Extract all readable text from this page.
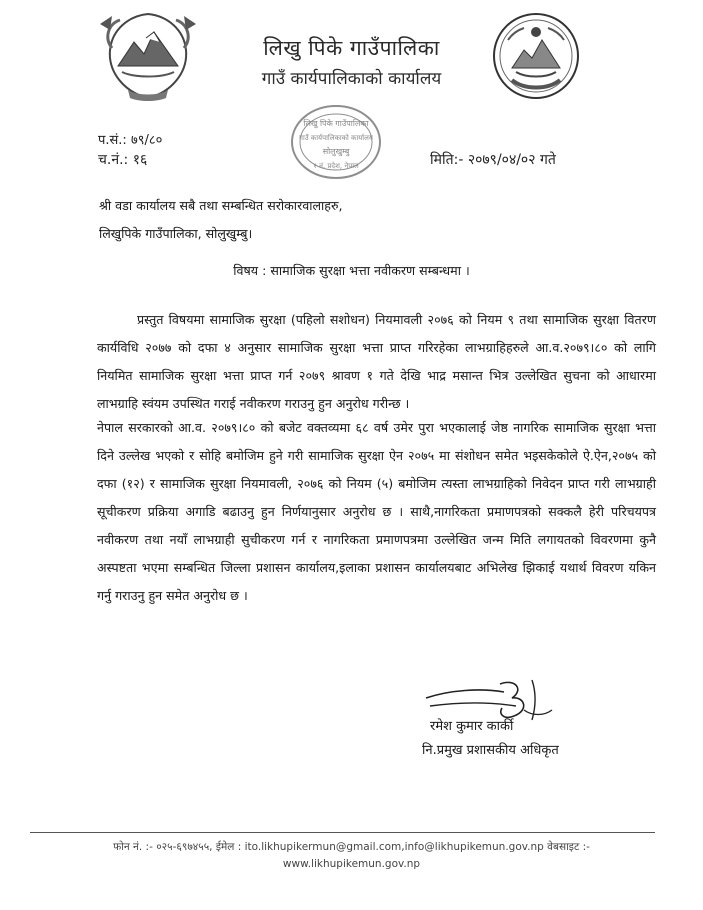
लिखु पिके गाउँपालिका
गाउँ कार्यपालिकाको कार्यालय
लिखु पिके गाउँपालिका
गाउँ कार्यपालिकाको कार्यालय
सोलुखुम्बु
१ नं. प्रदेश, नेपाल
प.सं.: ७९/८०
च.नं.: १६	मिति:- २०७९/०४/०२ गते
श्री वडा कार्यालय सबै तथा सम्बन्धित सरोकारवालाहरु,
लिखुपिके गाउँपालिका, सोलुखुम्बु।
विषय : सामाजिक सुरक्षा भत्ता नवीकरण सम्बन्धमा ।
प्रस्तुत विषयमा सामाजिक सुरक्षा (पहिलो सशोधन) नियमावली २०७६ को नियम ९ तथा सामाजिक सुरक्षा वितरण कार्यविधि २०७७ को दफा ४ अनुसार सामाजिक सुरक्षा भत्ता प्राप्त गरिरहेका लाभग्राहिहरुले आ.व.२०७९।८० को लागि नियमित सामाजिक सुरक्षा भत्ता प्राप्त गर्न २०७९ श्रावण १ गते देखि भाद्र मसान्त भित्र उल्लेखित सुचना को आधारमा लाभग्राहि स्वंयम उपस्थित गराई नवीकरण गराउनु हुन अनुरोध गरीन्छ ।
नेपाल सरकारको आ.व. २०७९।८० को बजेट वक्तव्यमा ६८ वर्ष उमेर पुरा भएकालाई जेष्ठ नागरिक सामाजिक सुरक्षा भत्ता दिने उल्लेख भएको र सोहि बमोजिम हुने गरी सामाजिक सुरक्षा ऐन २०७५ मा संशोधन समेत भइसकेकोले ऐ.ऐन,२०७५ को दफा (१२) र सामाजिक सुरक्षा नियमावली, २०७६ को नियम (५) बमोजिम त्यस्ता लाभग्राहिको निवेदन प्राप्त गरी लाभग्राही सूचीकरण प्रक्रिया अगाडि बढाउनु हुन निर्णयानुसार अनुरोध छ । साथै,नागरिकता प्रमाणपत्रको सक्कलै हेरी परिचयपत्र नवीकरण तथा नयाँ लाभग्राही सुचीकरण गर्न र नागरिकता प्रमाणपत्रमा उल्लेखित जन्म मिति लगायतको विवरणमा कुनै अस्पष्टता भएमा सम्बन्धित जिल्ला प्रशासन कार्यालय,इलाका प्रशासन कार्यालयबाट अभिलेख झिकाई यथार्थ विवरण यकिन गर्नु गराउनु हुन समेत अनुरोध छ ।
रमेश कुमार कार्की
नि.प्रमुख प्रशासकीय अधिकृत
फोन नं. :- ०२५-६९७४५५, ईमेल : ito.likhupikermun@gmail.com,info@likhupikemun.gov.np वेबसाइट :-
www.likhupikemun.gov.np
